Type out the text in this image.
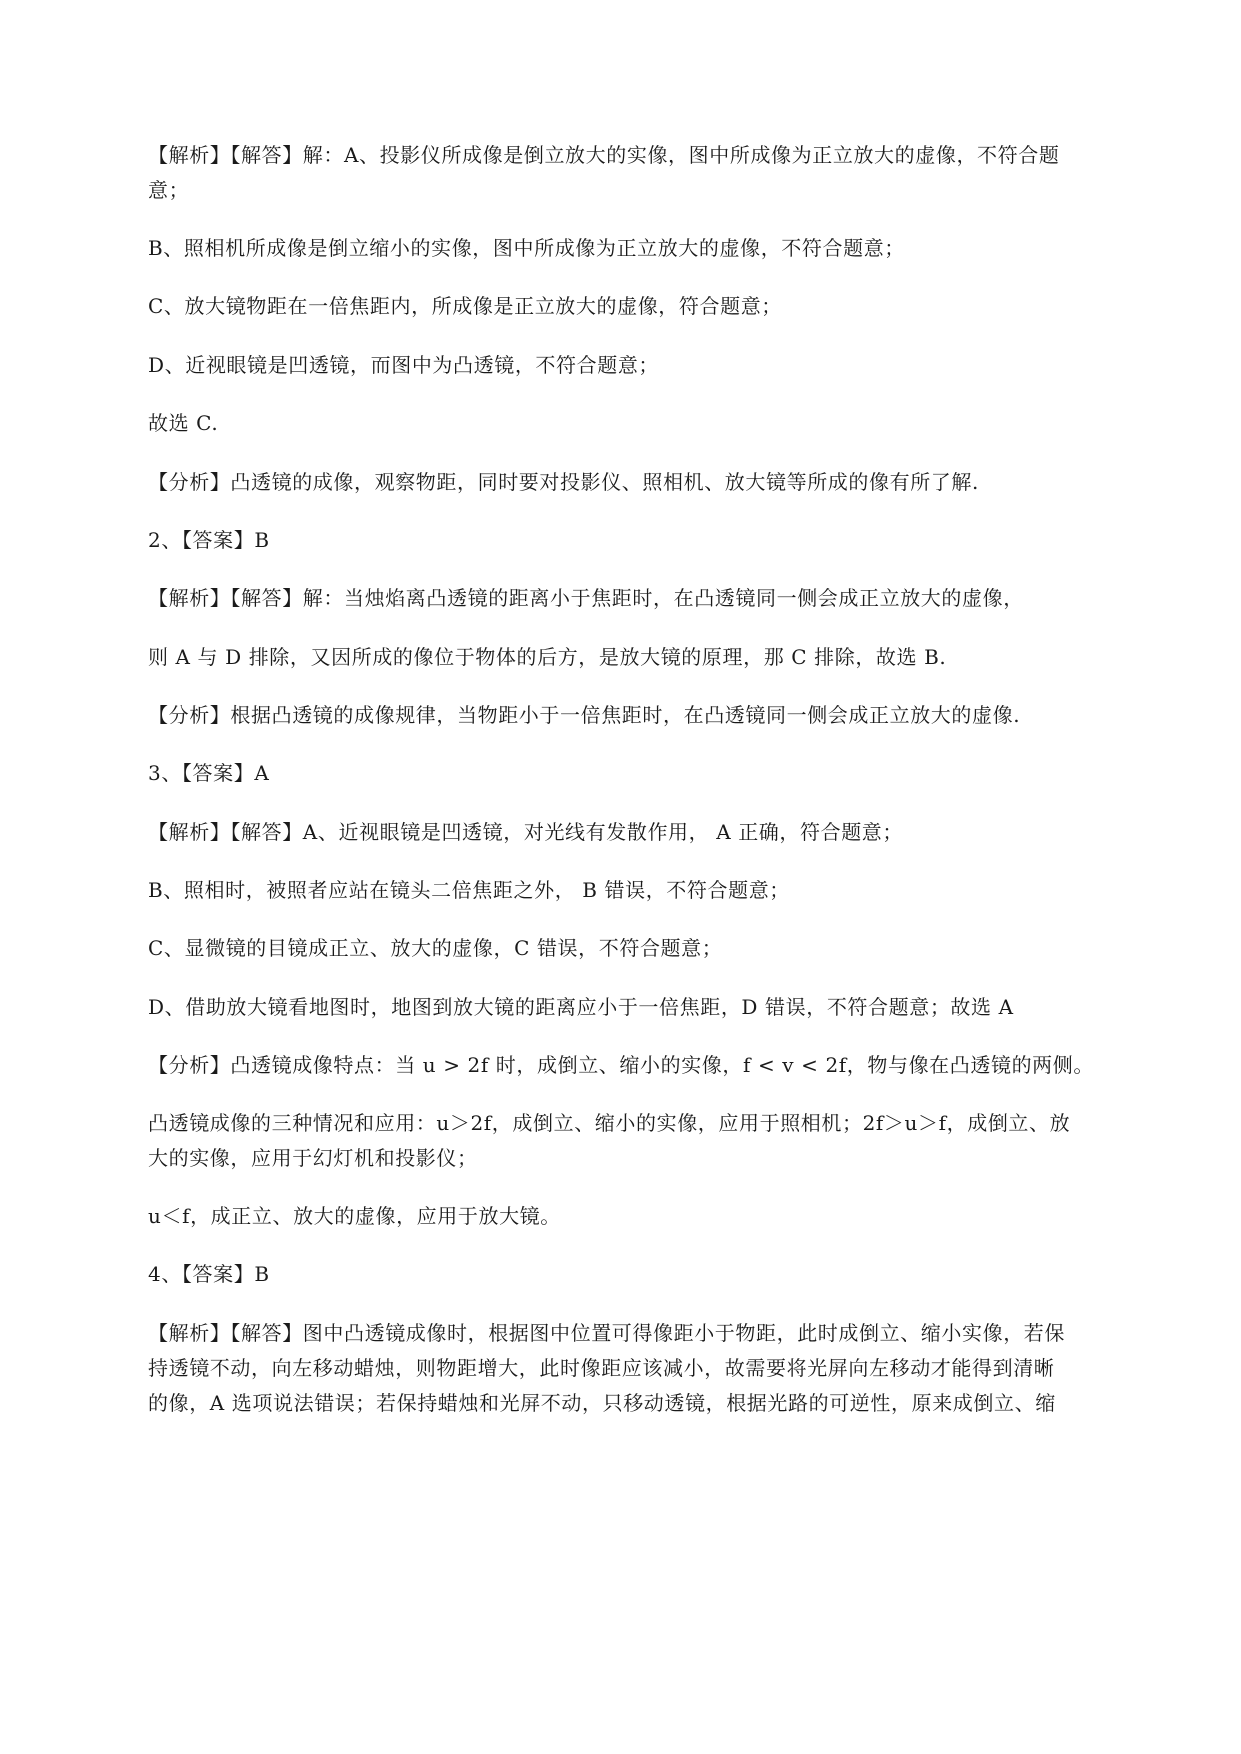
【解析】【解答】解：A、投影仪所成像是倒立放大的实像，图中所成像为正立放大的虚像，不符合题
意；
B、照相机所成像是倒立缩小的实像，图中所成像为正立放大的虚像，不符合题意；
C、放大镜物距在一倍焦距内，所成像是正立放大的虚像，符合题意；
D、近视眼镜是凹透镜，而图中为凸透镜，不符合题意；
故选 C.
【分析】凸透镜的成像，观察物距，同时要对投影仪、照相机、放大镜等所成的像有所了解.
2、【答案】B
【解析】【解答】解：当烛焰离凸透镜的距离小于焦距时，在凸透镜同一侧会成正立放大的虚像，
则 A 与 D 排除，又因所成的像位于物体的后方，是放大镜的原理，那 C 排除，故选 B.
【分析】根据凸透镜的成像规律，当物距小于一倍焦距时，在凸透镜同一侧会成正立放大的虚像.
3、【答案】A
【解析】【解答】A、近视眼镜是凹透镜，对光线有发散作用， A 正确，符合题意；
B、照相时，被照者应站在镜头二倍焦距之外， B 错误，不符合题意；
C、显微镜的目镜成正立、放大的虚像，C 错误，不符合题意；
D、借助放大镜看地图时，地图到放大镜的距离应小于一倍焦距，D 错误，不符合题意；故选 A
【分析】凸透镜成像特点：当 u > 2f 时，成倒立、缩小的实像，f < v < 2f，物与像在凸透镜的两侧。
凸透镜成像的三种情况和应用：u＞2f，成倒立、缩小的实像，应用于照相机；2f＞u＞f，成倒立、放
大的实像，应用于幻灯机和投影仪；
u＜f，成正立、放大的虚像，应用于放大镜。
4、【答案】B
【解析】【解答】图中凸透镜成像时，根据图中位置可得像距小于物距，此时成倒立、缩小实像，若保
持透镜不动，向左移动蜡烛，则物距增大，此时像距应该减小，故需要将光屏向左移动才能得到清晰
的像，A 选项说法错误；若保持蜡烛和光屏不动，只移动透镜，根据光路的可逆性，原来成倒立、缩
